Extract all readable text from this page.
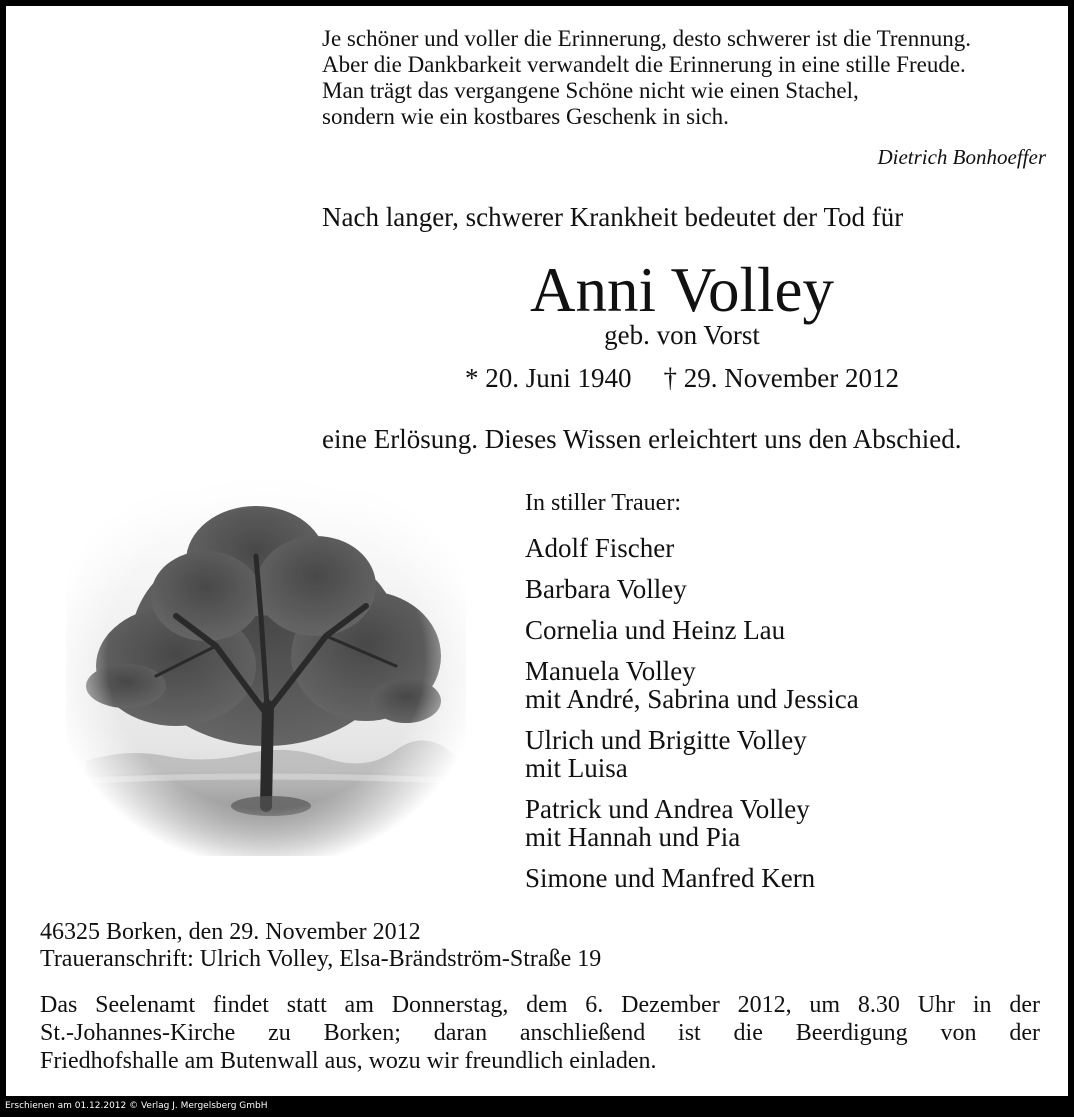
Je schöner und voller die Erinnerung, desto schwerer ist die Trennung.
Aber die Dankbarkeit verwandelt die Erinnerung in eine stille Freude.
Man trägt das vergangene Schöne nicht wie einen Stachel,
sondern wie ein kostbares Geschenk in sich.
Dietrich Bonhoeffer
Nach langer, schwerer Krankheit bedeutet der Tod für
Anni Volley
geb. von Vorst
* 20. Juni 1940 † 29. November 2012
eine Erlösung. Dieses Wissen erleichtert uns den Abschied.
In stiller Trauer:
Adolf Fischer
Barbara Volley
Cornelia und Heinz Lau
Manuela Volley
mit André, Sabrina und Jessica
Ulrich und Brigitte Volley
mit Luisa
Patrick und Andrea Volley
mit Hannah und Pia
Simone und Manfred Kern
46325 Borken, den 29. November 2012
Traueranschrift: Ulrich Volley, Elsa-Brändström-Straße 19
Das Seelenamt findet statt am Donnerstag, dem 6. Dezember 2012, um 8.30 Uhr in der
St.-Johannes-Kirche zu Borken; daran anschließend ist die Beerdigung von der
Friedhofshalle am Butenwall aus, wozu wir freundlich einladen.
Erschienen am 01.12.2012 © Verlag J. Mergelsberg GmbH
